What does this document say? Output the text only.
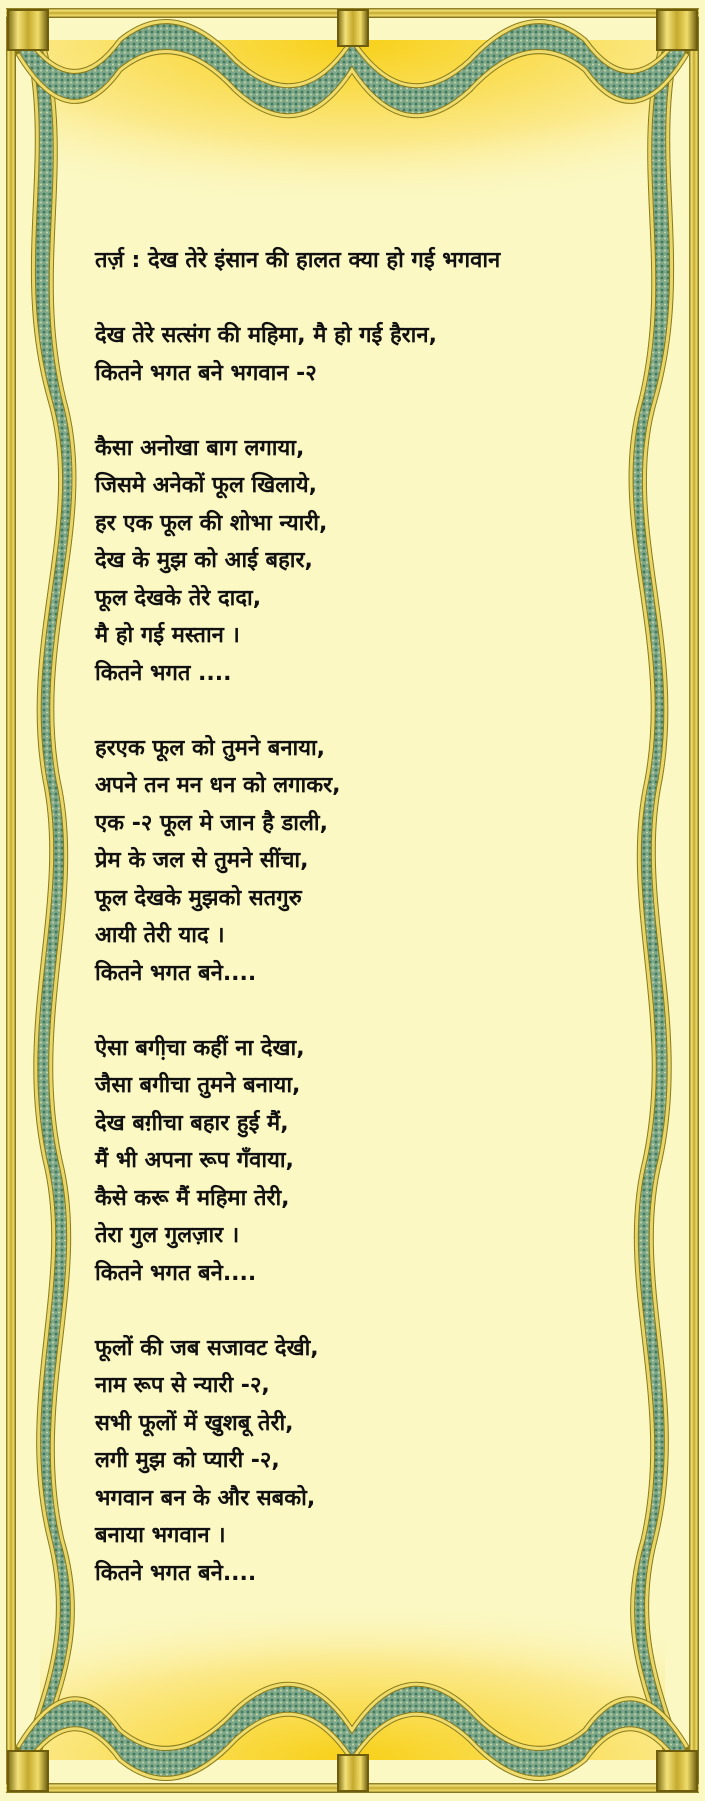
तर्ज़ : देख तेरे इंसान की हालत क्या हो गई भगवान
देख तेरे सत्संग की महिमा, मै हो गई हैरान,
कितने भगत बने भगवान -२
कैसा अनोखा बाग लगाया,
जिसमे अनेकों फूल खिलाये,
हर एक फूल की शोभा न्यारी,
देख के मुझ को आई बहार,
फूल देखके तेरे दादा,
मै हो गई मस्तान ।
कितने भगत ....
हरएक फूल को तुमने बनाया,
अपने तन मन धन को लगाकर,
एक -२ फूल मे जान है डाली,
प्रेम के जल से तुमने सींचा,
फूल देखके मुझको सतगुरु
आयी तेरी याद ।
कितने भगत बने....
ऐसा बगी़चा कहीं ना देखा,
जैसा बगीचा तुमने बनाया,
देख बग़ीचा बहार हुई मैं,
मैं भी अपना रूप गँवाया,
कैसे करू मैं महिमा तेरी,
तेरा गुल गुलज़ार ।
कितने भगत बने....
फूलों की जब सजावट देखी,
नाम रूप से न्यारी -२,
सभी फूलों में खुशबू तेरी,
लगी मुझ को प्यारी -२,
भगवान बन के और सबको,
बनाया भगवान ।
कितने भगत बने....
